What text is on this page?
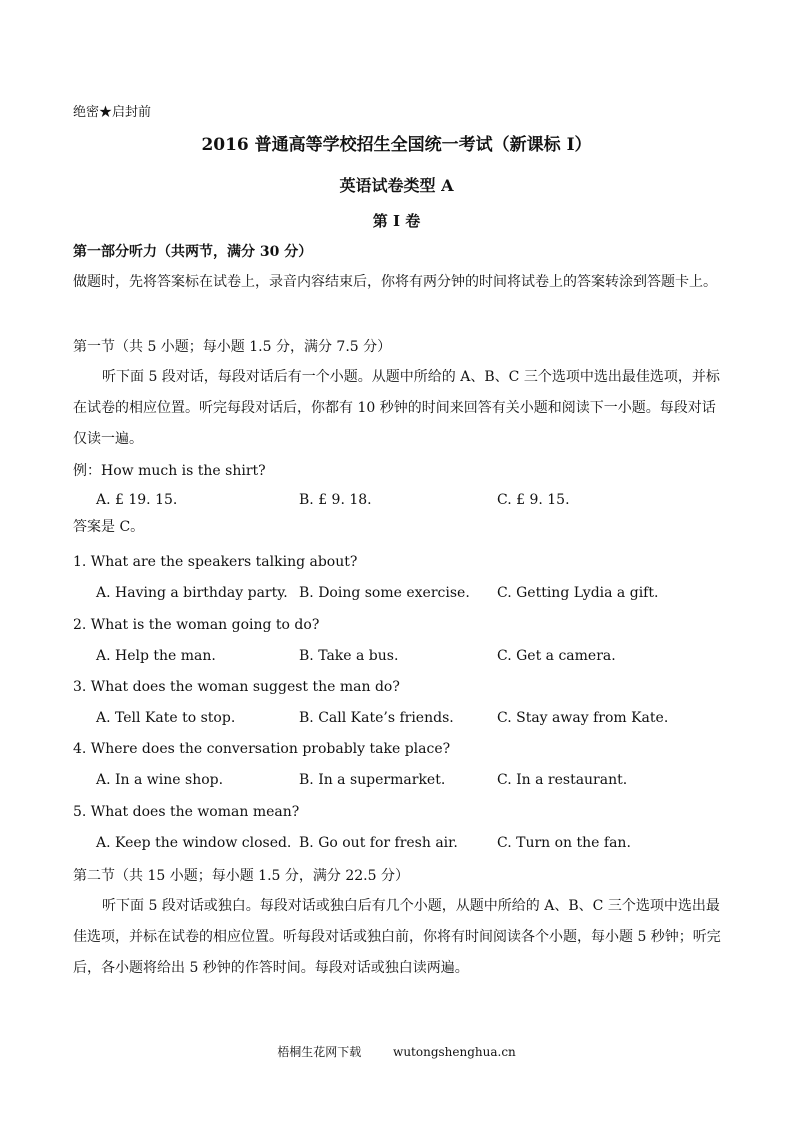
绝密★启封前
2016 普通高等学校招生全国统一考试（新课标 I）
英语试卷类型 A
第 I 卷
第一部分听力（共两节，满分 30 分）
做题时，先将答案标在试卷上，录音内容结束后，你将有两分钟的时间将试卷上的答案转涂到答题卡上。
第一节（共 5 小题；每小题 1.5 分，满分 7.5 分）
听下面 5 段对话，每段对话后有一个小题。从题中所给的 A、B、C 三个选项中选出最佳选项，并标在试卷的相应位置。听完每段对话后，你都有 10 秒钟的时间来回答有关小题和阅读下一小题。每段对话仅读一遍。
例：How much is the shirt?
A. £ 19. 15.	B. £ 9. 18.	C. £ 9. 15.
答案是 C。
1. What are the speakers talking about?
A. Having a birthday party. B. Doing some exercise. C. Getting Lydia a gift.
2. What is the woman going to do?
A. Help the man.	B. Take a bus.	C. Get a camera.
3. What does the woman suggest the man do?
A. Tell Kate to stop.	B. Call Kate’s friends.	C. Stay away from Kate.
4. Where does the conversation probably take place?
A. In a wine shop.	B. In a supermarket.	C. In a restaurant.
5. What does the woman mean?
A. Keep the window closed. B. Go out for fresh air.	C. Turn on the fan.
第二节（共 15 小题；每小题 1.5 分，满分 22.5 分）
听下面 5 段对话或独白。每段对话或独白后有几个小题，从题中所给的 A、B、C 三个选项中选出最佳选项，并标在试卷的相应位置。听每段对话或独白前，你将有时间阅读各个小题，每小题 5 秒钟；听完后，各小题将给出 5 秒钟的作答时间。每段对话或独白读两遍。
梧桐生花网下载	wutongshenghua.cn
